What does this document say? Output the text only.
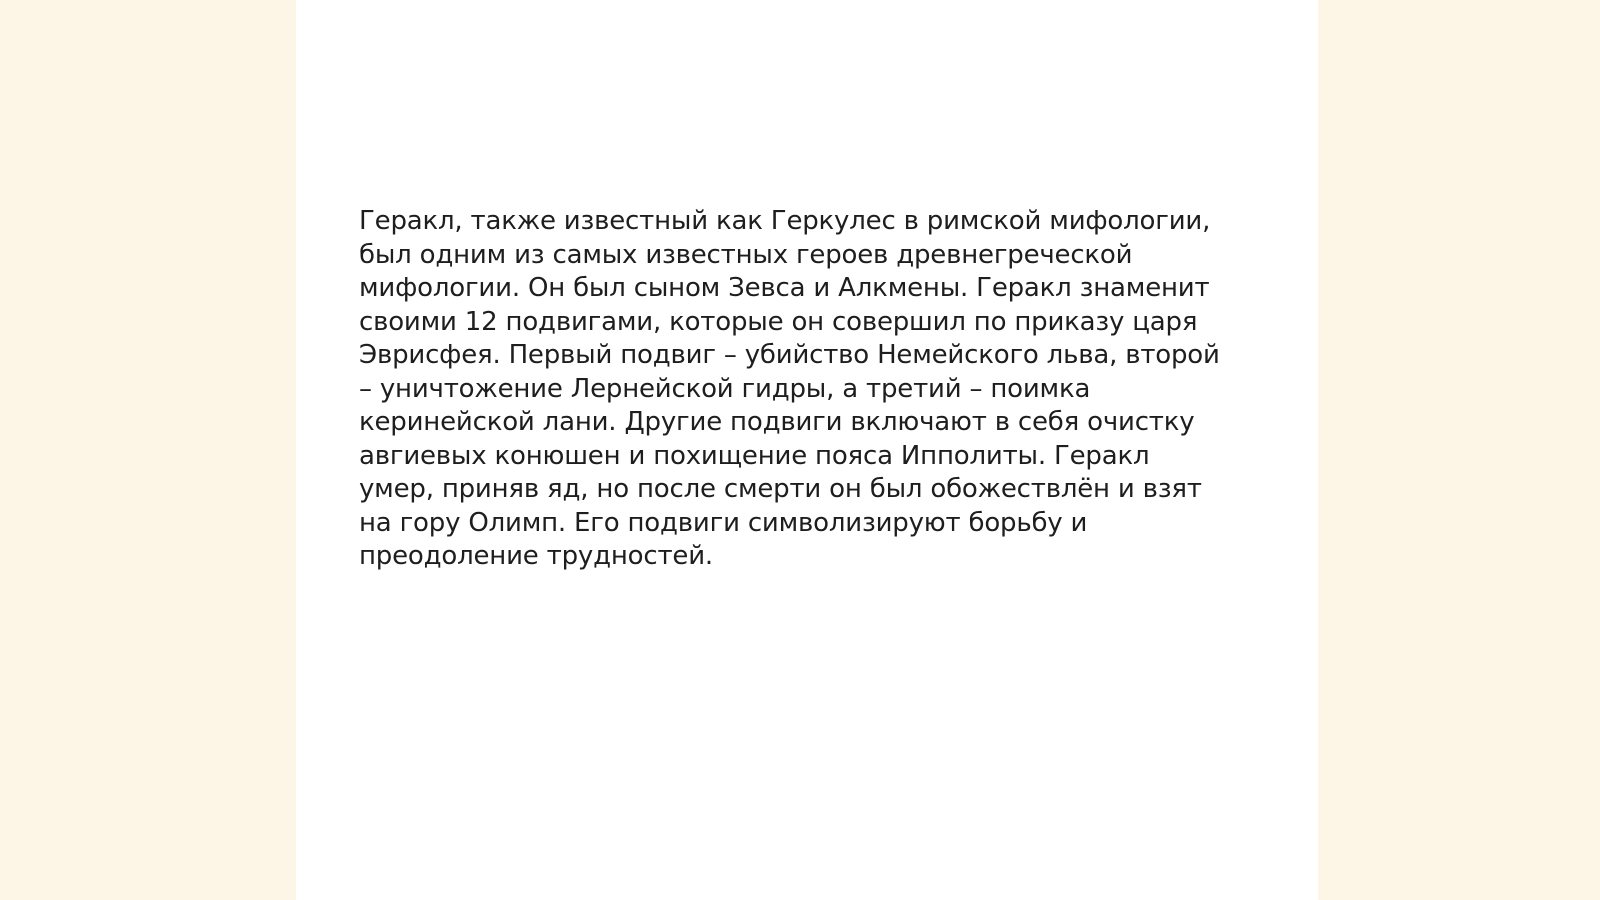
Геракл, также известный как Геркулес в римской мифологии,
был одним из самых известных героев древнегреческой
мифологии. Он был сыном Зевса и Алкмены. Геракл знаменит
своими 12 подвигами, которые он совершил по приказу царя
Эврисфея. Первый подвиг – убийство Немейского льва, второй
– уничтожение Лернейской гидры, а третий – поимка
керинейской лани. Другие подвиги включают в себя очистку
авгиевых конюшен и похищение пояса Ипполиты. Геракл
умер, приняв яд, но после смерти он был обожествлён и взят
на гору Олимп. Его подвиги символизируют борьбу и
преодоление трудностей.
